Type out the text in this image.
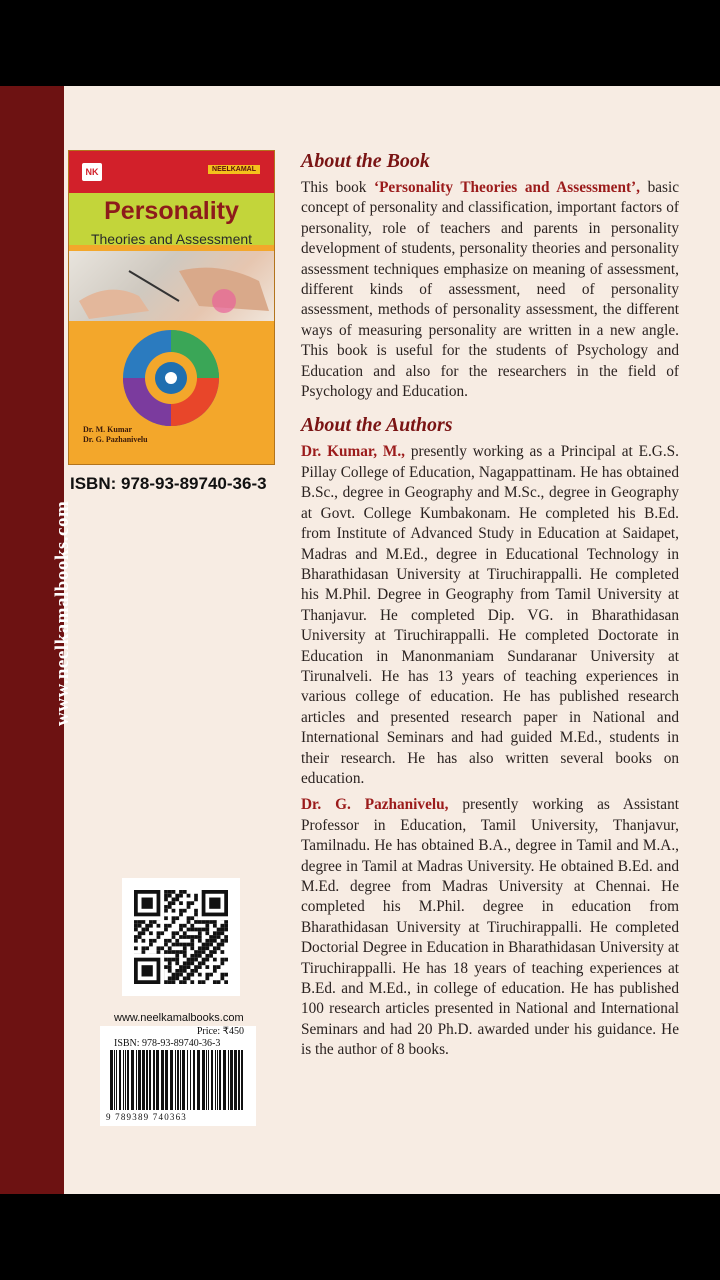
www.neelkamalbooks.com
NK	NEELKAMAL
Personality
Theories and Assessment
Dr. M. Kumar
Dr. G. Pazhanivelu
ISBN: 978-93-89740-36-3
www.neelkamalbooks.com
Price: ₹450
ISBN: 978-93-89740-36-3
9 789389 740363
About the Book

This book ‘Personality Theories and Assessment’, basic concept of personality and classification, important factors of personality, role of teachers and parents in personality development of students, personality theories and personality assessment techniques emphasize on meaning of assessment, different kinds of assessment, need of personality assessment, methods of personality assessment, the different ways of measuring personality are written in a new angle. This book is useful for the students of Psychology and Education and also for the researchers in the field of Psychology and Education.

About the Authors

Dr. Kumar, M., presently working as a Principal at E.G.S. Pillay College of Education, Nagappattinam. He has obtained B.Sc., degree in Geography and M.Sc., degree in Geography at Govt. College Kumbakonam. He completed his B.Ed. from Institute of Advanced Study in Education at Saidapet, Madras and M.Ed., degree in Educational Technology in Bharathidasan University at Tiruchirappalli. He completed his M.Phil. Degree in Geography from Tamil University at Thanjavur. He completed Dip. VG. in Bharathidasan University at Tiruchirappalli. He completed Doctorate in Education in Manonmaniam Sundaranar University at Tirunalveli. He has 13 years of teaching experiences in various college of education. He has published research articles and presented research paper in National and International Seminars and had guided M.Ed., students in their research. He has also written several books on education.

Dr. G. Pazhanivelu, presently working as Assistant Professor in Education, Tamil University, Thanjavur, Tamilnadu. He has obtained B.A., degree in Tamil and M.A., degree in Tamil at Madras University. He obtained B.Ed. and M.Ed. degree from Madras University at Chennai. He completed his M.Phil. degree in education from Bharathidasan University at Tiruchirappalli. He completed Doctorial Degree in Education in Bharathidasan University at Tiruchirappalli. He has 18 years of teaching experiences at B.Ed. and M.Ed., in college of education. He has published 100 research articles presented in National and International Seminars and had 20 Ph.D. awarded under his guidance. He is the author of 8 books.
